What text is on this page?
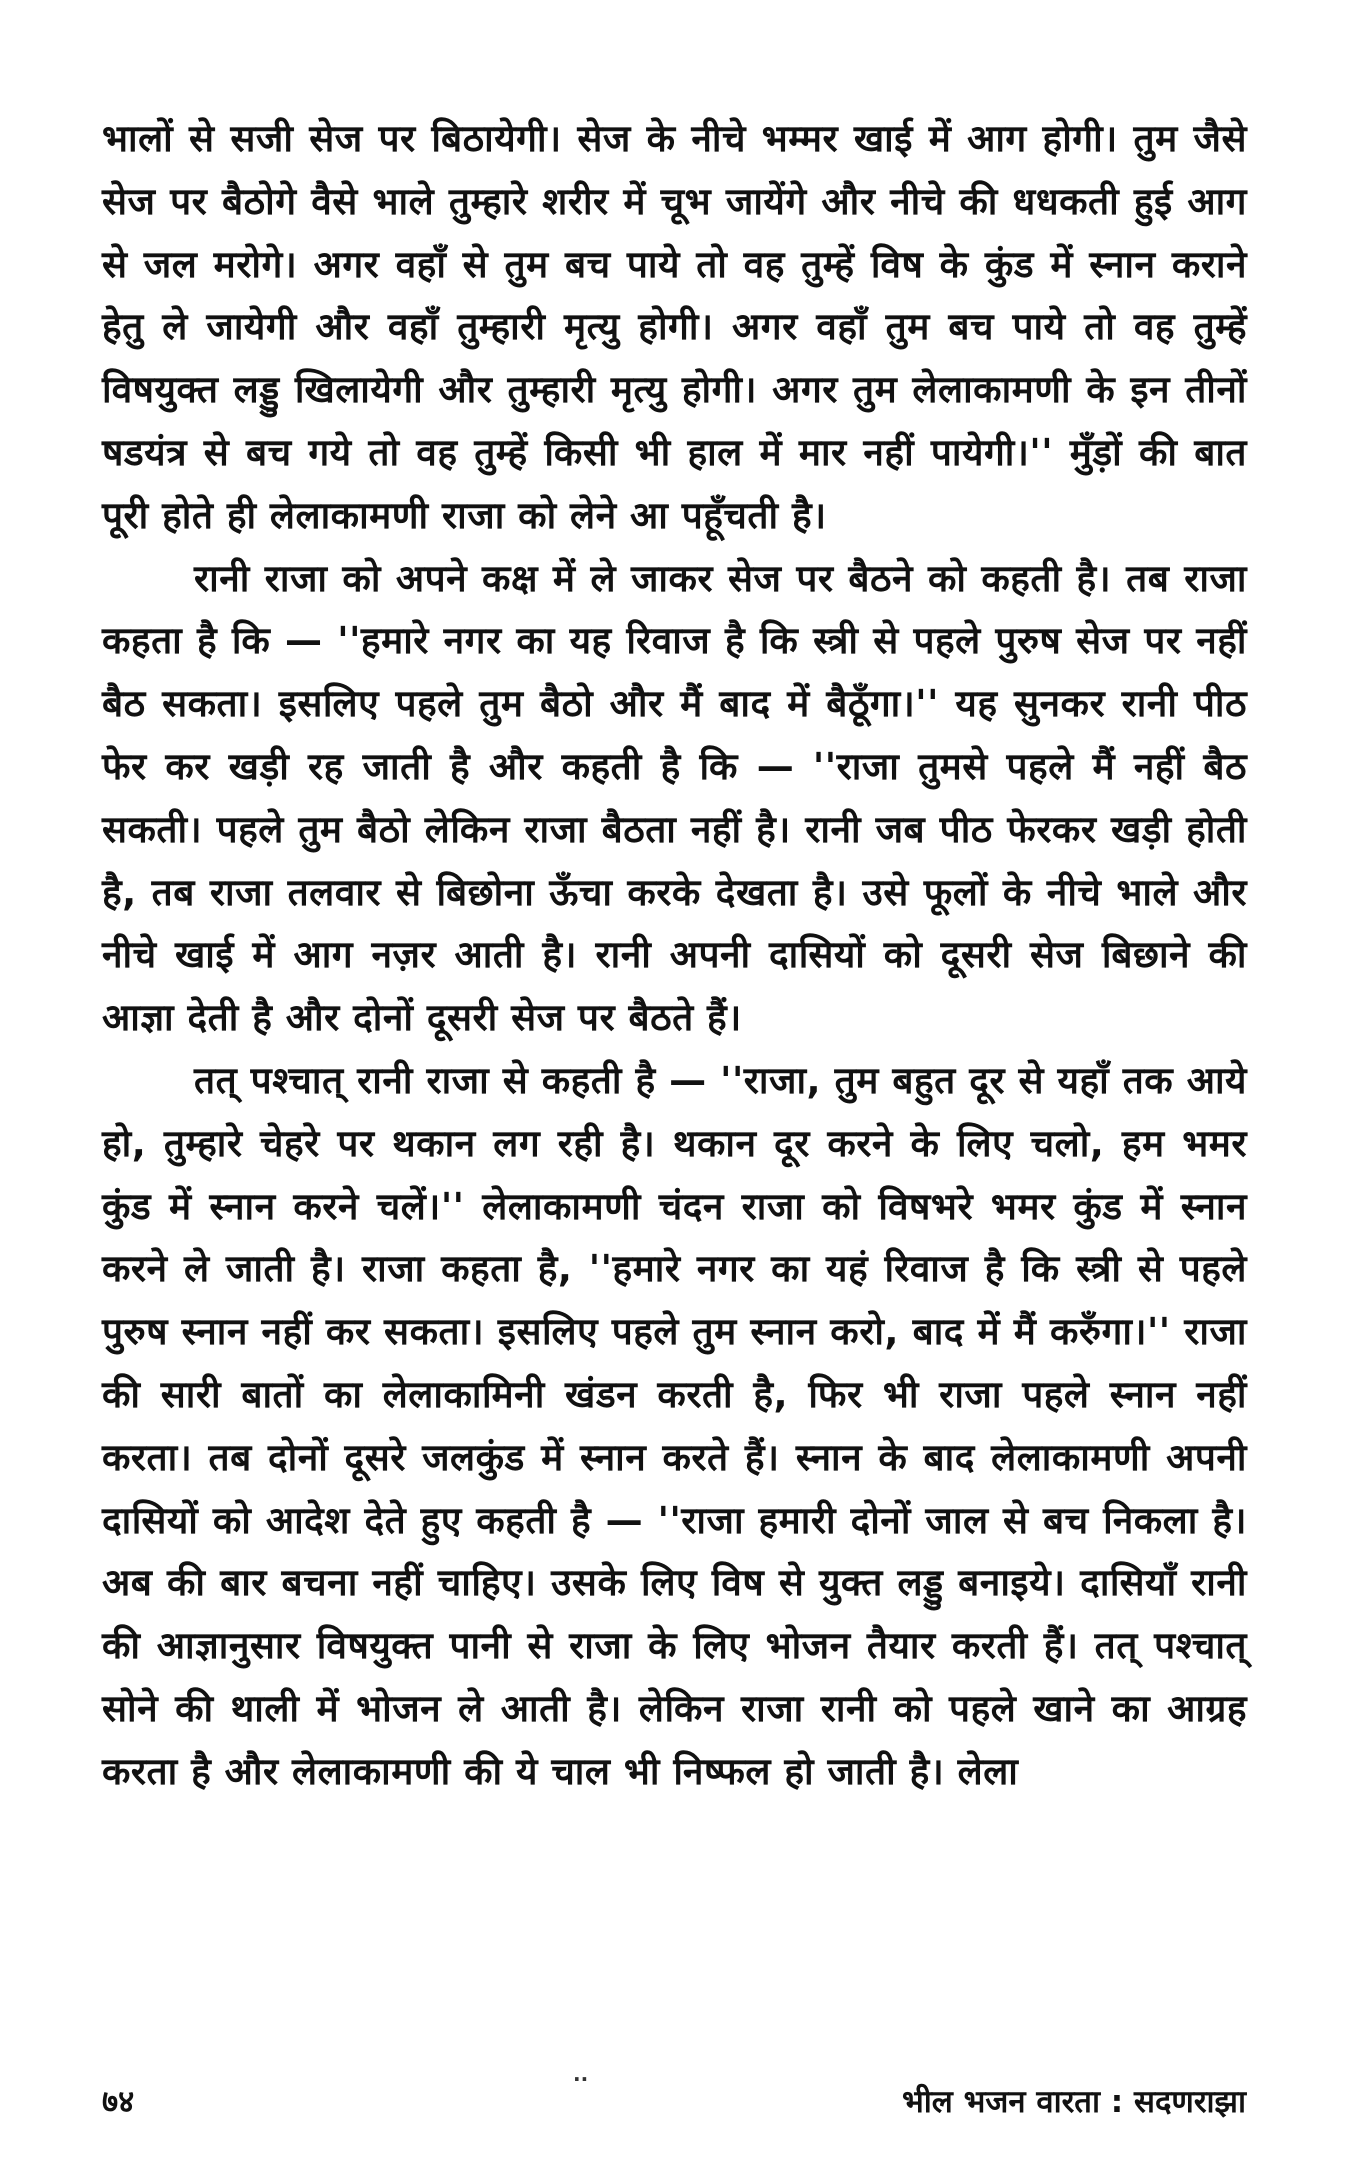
भालों से सजी सेज पर बिठायेगी। सेज के नीचे भम्मर खाई में आग होगी। तुम जैसे सेज पर बैठोगे वैसे भाले तुम्हारे शरीर में चूभ जायेंगे और नीचे की धधकती हुई आग से जल मरोगे। अगर वहाँ से तुम बच पाये तो वह तुम्हें विष के कुंड में स्नान कराने हेतु ले जायेगी और वहाँ तुम्हारी मृत्यु होगी। अगर वहाँ तुम बच पाये तो वह तुम्हें विषयुक्त लड्डु खिलायेगी और तुम्हारी मृत्यु होगी। अगर तुम लेलाकामणी के इन तीनों षडयंत्र से बच गये तो वह तुम्हें किसी भी हाल में मार नहीं पायेगी।'' मुँड़ों की बात पूरी होते ही लेलाकामणी राजा को लेने आ पहूँचती है।

रानी राजा को अपने कक्ष में ले जाकर सेज पर बैठने को कहती है। तब राजा कहता है कि — ''हमारे नगर का यह रिवाज है कि स्त्री से पहले पुरुष सेज पर नहीं बैठ सकता। इसलिए पहले तुम बैठो और मैं बाद में बैठूँगा।'' यह सुनकर रानी पीठ फेर कर खड़ी रह जाती है और कहती है कि — ''राजा तुमसे पहले मैं नहीं बैठ सकती। पहले तुम बैठो लेकिन राजा बैठता नहीं है। रानी जब पीठ फेरकर खड़ी होती है, तब राजा तलवार से बिछोना ऊँचा करके देखता है। उसे फूलों के नीचे भाले और नीचे खाई में आग नज़र आती है। रानी अपनी दासियों को दूसरी सेज बिछाने की आज्ञा देती है और दोनों दूसरी सेज पर बैठते हैं।

तत् पश्चात् रानी राजा से कहती है — ''राजा, तुम बहुत दूर से यहाँ तक आये हो, तुम्हारे चेहरे पर थकान लग रही है। थकान दूर करने के लिए चलो, हम भमर कुंड में स्नान करने चलें।'' लेलाकामणी चंदन राजा को विषभरे भमर कुंड में स्नान करने ले जाती है। राजा कहता है, ''हमारे नगर का यहं रिवाज है कि स्त्री से पहले पुरुष स्नान नहीं कर सकता। इसलिए पहले तुम स्नान करो, बाद में मैं करुँगा।'' राजा की सारी बातों का लेलाकामिनी खंडन करती है, फिर भी राजा पहले स्नान नहीं करता। तब दोनों दूसरे जलकुंड में स्नान करते हैं। स्नान के बाद लेलाकामणी अपनी दासियों को आदेश देते हुए कहती है — ''राजा हमारी दोनों जाल से बच निकला है। अब की बार बचना नहीं चाहिए। उसके लिए विष से युक्त लड्डु बनाइये। दासियाँ रानी की आज्ञानुसार विषयुक्त पानी से राजा के लिए भोजन तैयार करती हैं। तत् पश्चात् सोने की थाली में भोजन ले आती है। लेकिन राजा रानी को पहले खाने का आग्रह करता है और लेलाकामणी की ये चाल भी निष्फल हो जाती है। लेला

..
७४	भील भजन वारता : सदणराझा
